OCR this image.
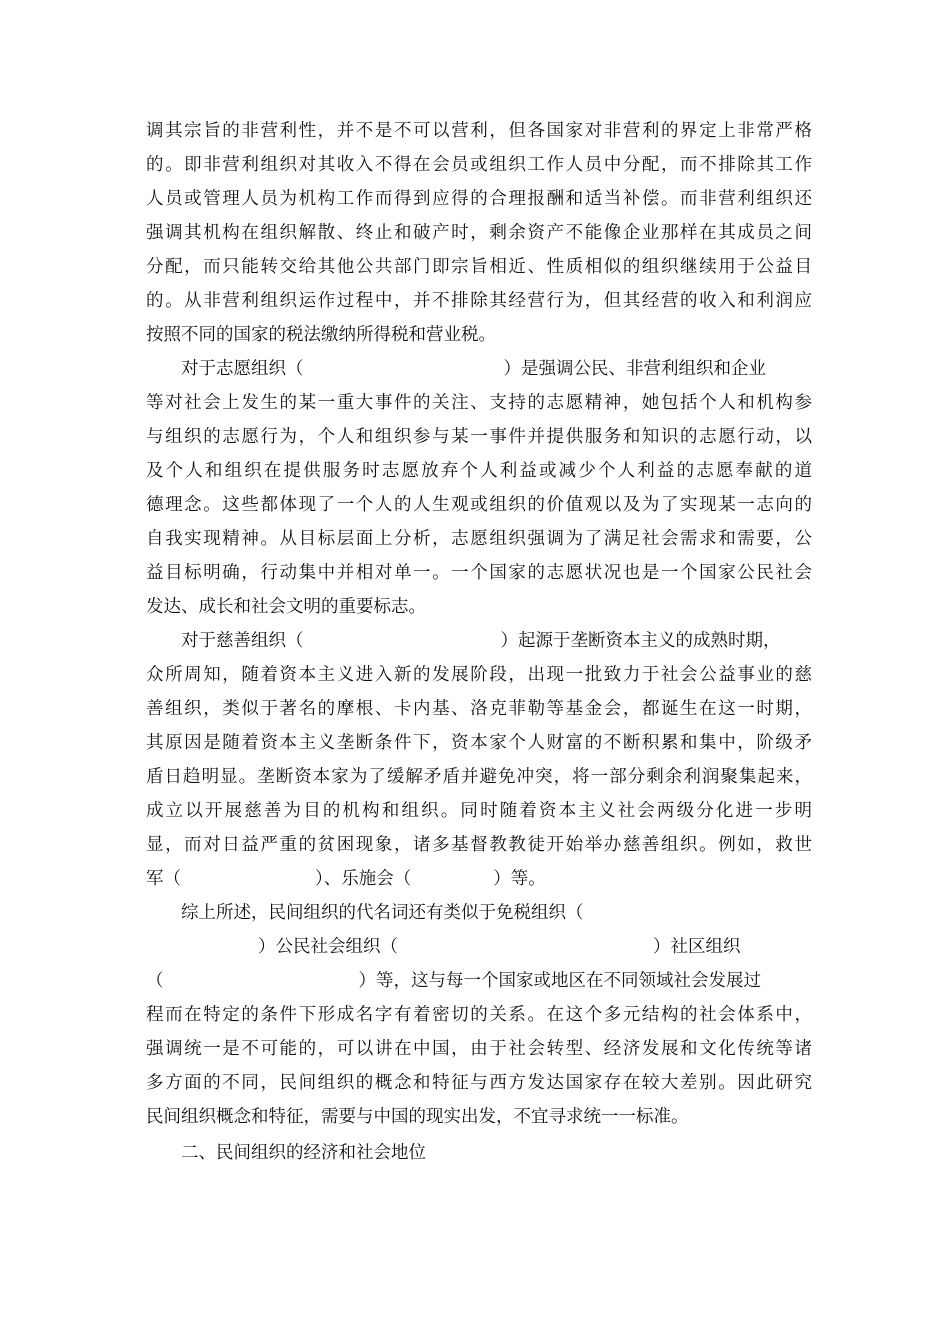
调其宗旨的非营利性，并不是不可以营利，但各国家对非营利的界定上非常严格
的。即非营利组织对其收入不得在会员或组织工作人员中分配，而不排除其工作
人员或管理人员为机构工作而得到应得的合理报酬和适当补偿。而非营利组织还
强调其机构在组织解散、终止和破产时，剩余资产不能像企业那样在其成员之间
分配，而只能转交给其他公共部门即宗旨相近、性质相似的组织继续用于公益目
的。从非营利组织运作过程中，并不排除其经营行为，但其经营的收入和利润应
按照不同的国家的税法缴纳所得税和营业税。
对于志愿组织（	）是强调公民、非营利组织和企业
等对社会上发生的某一重大事件的关注、支持的志愿精神，她包括个人和机构参
与组织的志愿行为，个人和组织参与某一事件并提供服务和知识的志愿行动，以
及个人和组织在提供服务时志愿放弃个人利益或减少个人利益的志愿奉献的道
德理念。这些都体现了一个人的人生观或组织的价值观以及为了实现某一志向的
自我实现精神。从目标层面上分析，志愿组织强调为了满足社会需求和需要，公
益目标明确，行动集中并相对单一。一个国家的志愿状况也是一个国家公民社会
发达、成长和社会文明的重要标志。
对于慈善组织（	）起源于垄断资本主义的成熟时期，
众所周知，随着资本主义进入新的发展阶段，出现一批致力于社会公益事业的慈
善组织，类似于著名的摩根、卡内基、洛克菲勒等基金会，都诞生在这一时期，
其原因是随着资本主义垄断条件下，资本家个人财富的不断积累和集中，阶级矛
盾日趋明显。垄断资本家为了缓解矛盾并避免冲突，将一部分剩余利润聚集起来，
成立以开展慈善为目的机构和组织。同时随着资本主义社会两级分化进一步明
显，而对日益严重的贫困现象，诸多基督教教徒开始举办慈善组织。例如，救世
军（	）、乐施会（	）等。
综上所述，民间组织的代名词还有类似于免税组织（
）公民社会组织（	）社区组织
（	）等，这与每一个国家或地区在不同领域社会发展过
程而在特定的条件下形成名字有着密切的关系。在这个多元结构的社会体系中，
强调统一是不可能的，可以讲在中国，由于社会转型、经济发展和文化传统等诸
多方面的不同，民间组织的概念和特征与西方发达国家存在较大差别。因此研究
民间组织概念和特征，需要与中国的现实出发，不宜寻求统一一标准。
二、民间组织的经济和社会地位
